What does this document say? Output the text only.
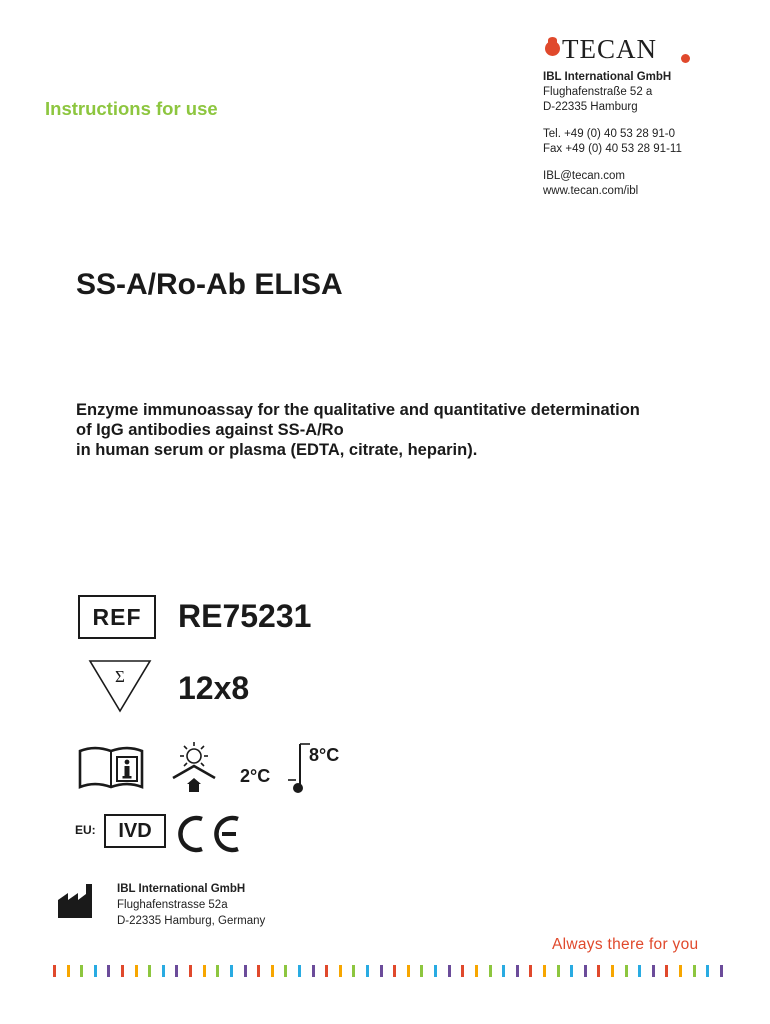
TECAN
IBL International GmbH
Flughafenstraße 52 a
D-22335 Hamburg
Tel. +49 (0) 40 53 28 91-0
Fax +49 (0) 40 53 28 91-11
IBL@tecan.com
www.tecan.com/ibl
Instructions for use
SS-A/Ro-Ab ELISA
Enzyme immunoassay for the qualitative and quantitative determination
of IgG antibodies against SS-A/Ro
in human serum or plasma (EDTA, citrate, heparin).
REF RE75231
Σ 12x8
2°C
8°C
EU: IVD
IBL International GmbH
Flughafenstrasse 52a
D-22335 Hamburg, Germany
Always there for you
